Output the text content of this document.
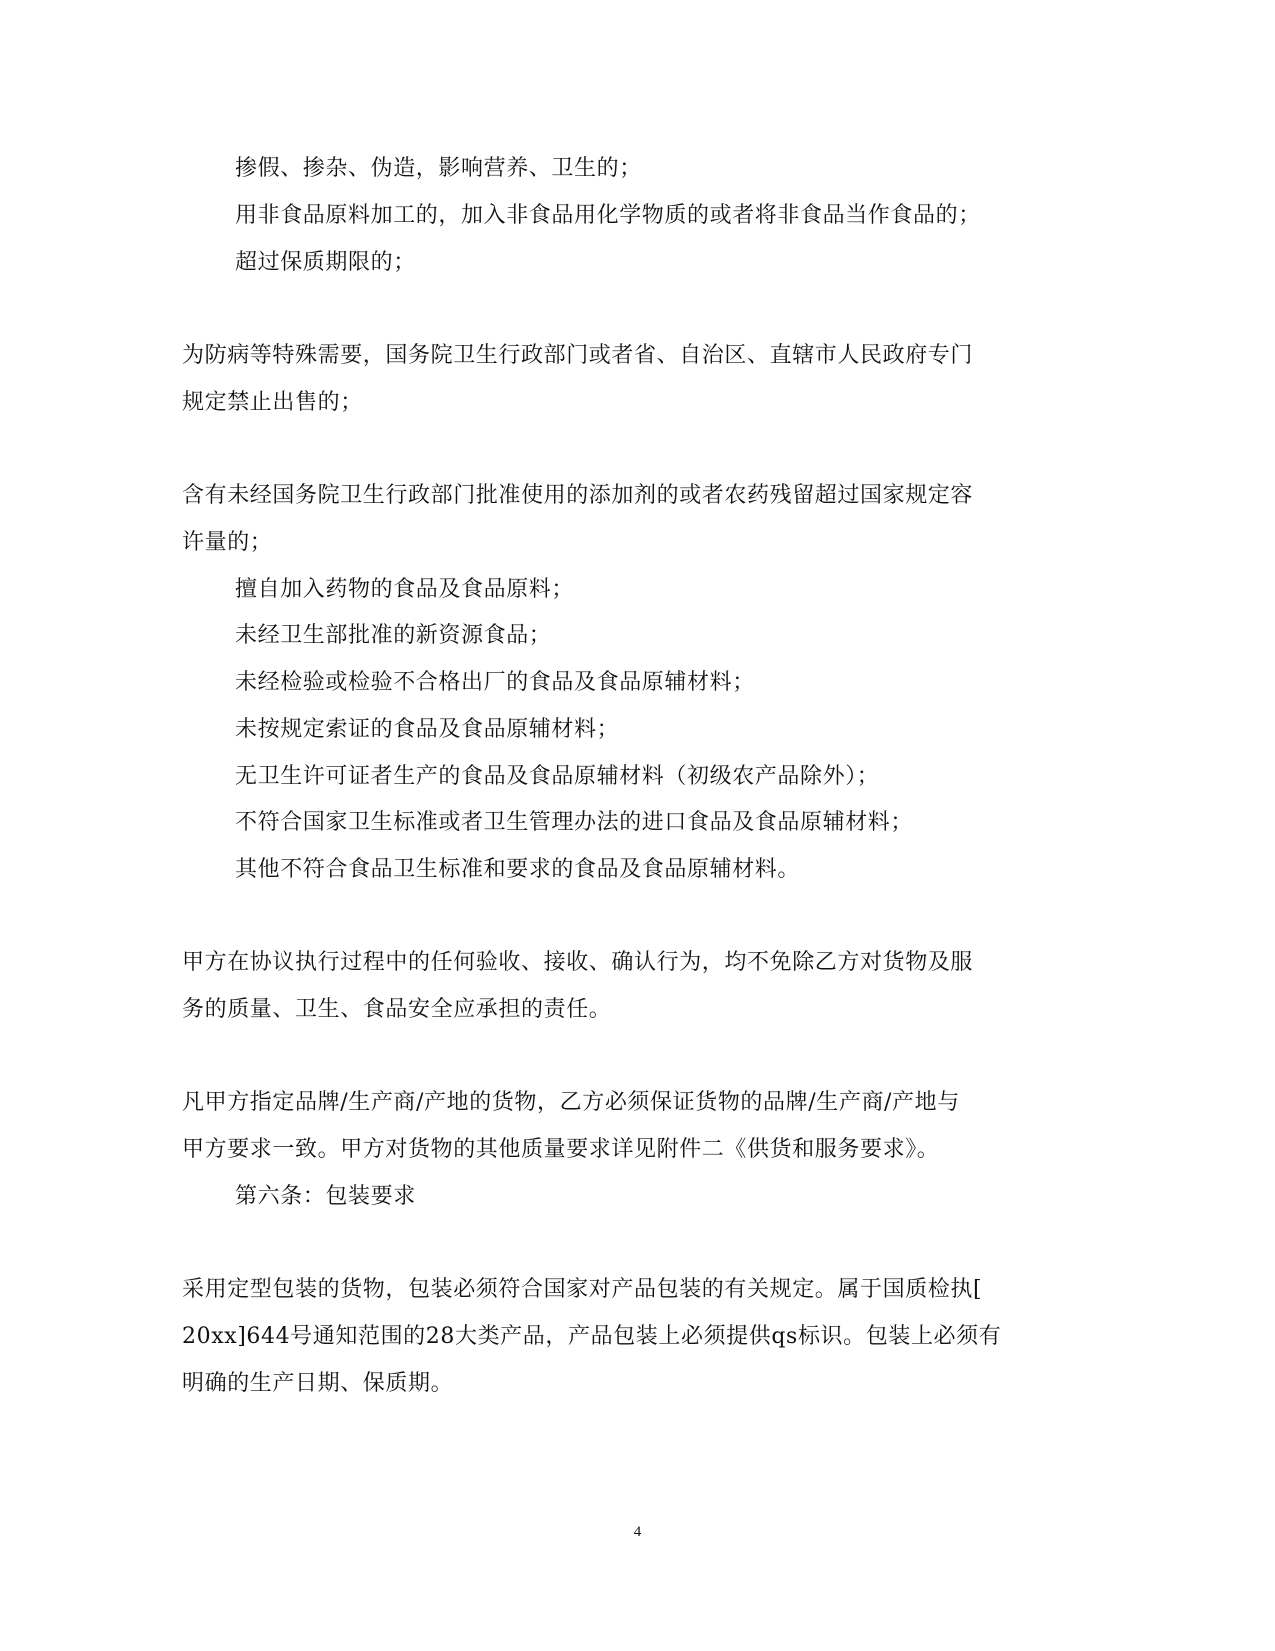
掺假、掺杂、伪造，影响营养、卫生的；
用非食品原料加工的，加入非食品用化学物质的或者将非食品当作食品的；
超过保质期限的；
为防病等特殊需要，国务院卫生行政部门或者省、自治区、直辖市人民政府专门
规定禁止出售的；
含有未经国务院卫生行政部门批准使用的添加剂的或者农药残留超过国家规定容
许量的；
擅自加入药物的食品及食品原料；
未经卫生部批准的新资源食品；
未经检验或检验不合格出厂的食品及食品原辅材料；
未按规定索证的食品及食品原辅材料；
无卫生许可证者生产的食品及食品原辅材料（初级农产品除外）；
不符合国家卫生标准或者卫生管理办法的进口食品及食品原辅材料；
其他不符合食品卫生标准和要求的食品及食品原辅材料。
甲方在协议执行过程中的任何验收、接收、确认行为，均不免除乙方对货物及服
务的质量、卫生、食品安全应承担的责任。
凡甲方指定品牌/生产商/产地的货物，乙方必须保证货物的品牌/生产商/产地与
甲方要求一致。甲方对货物的其他质量要求详见附件二《供货和服务要求》。
第六条：包装要求
采用定型包装的货物，包装必须符合国家对产品包装的有关规定。属于国质检执[
20xx]644号通知范围的28大类产品，产品包装上必须提供qs标识。包装上必须有
明确的生产日期、保质期。
4
